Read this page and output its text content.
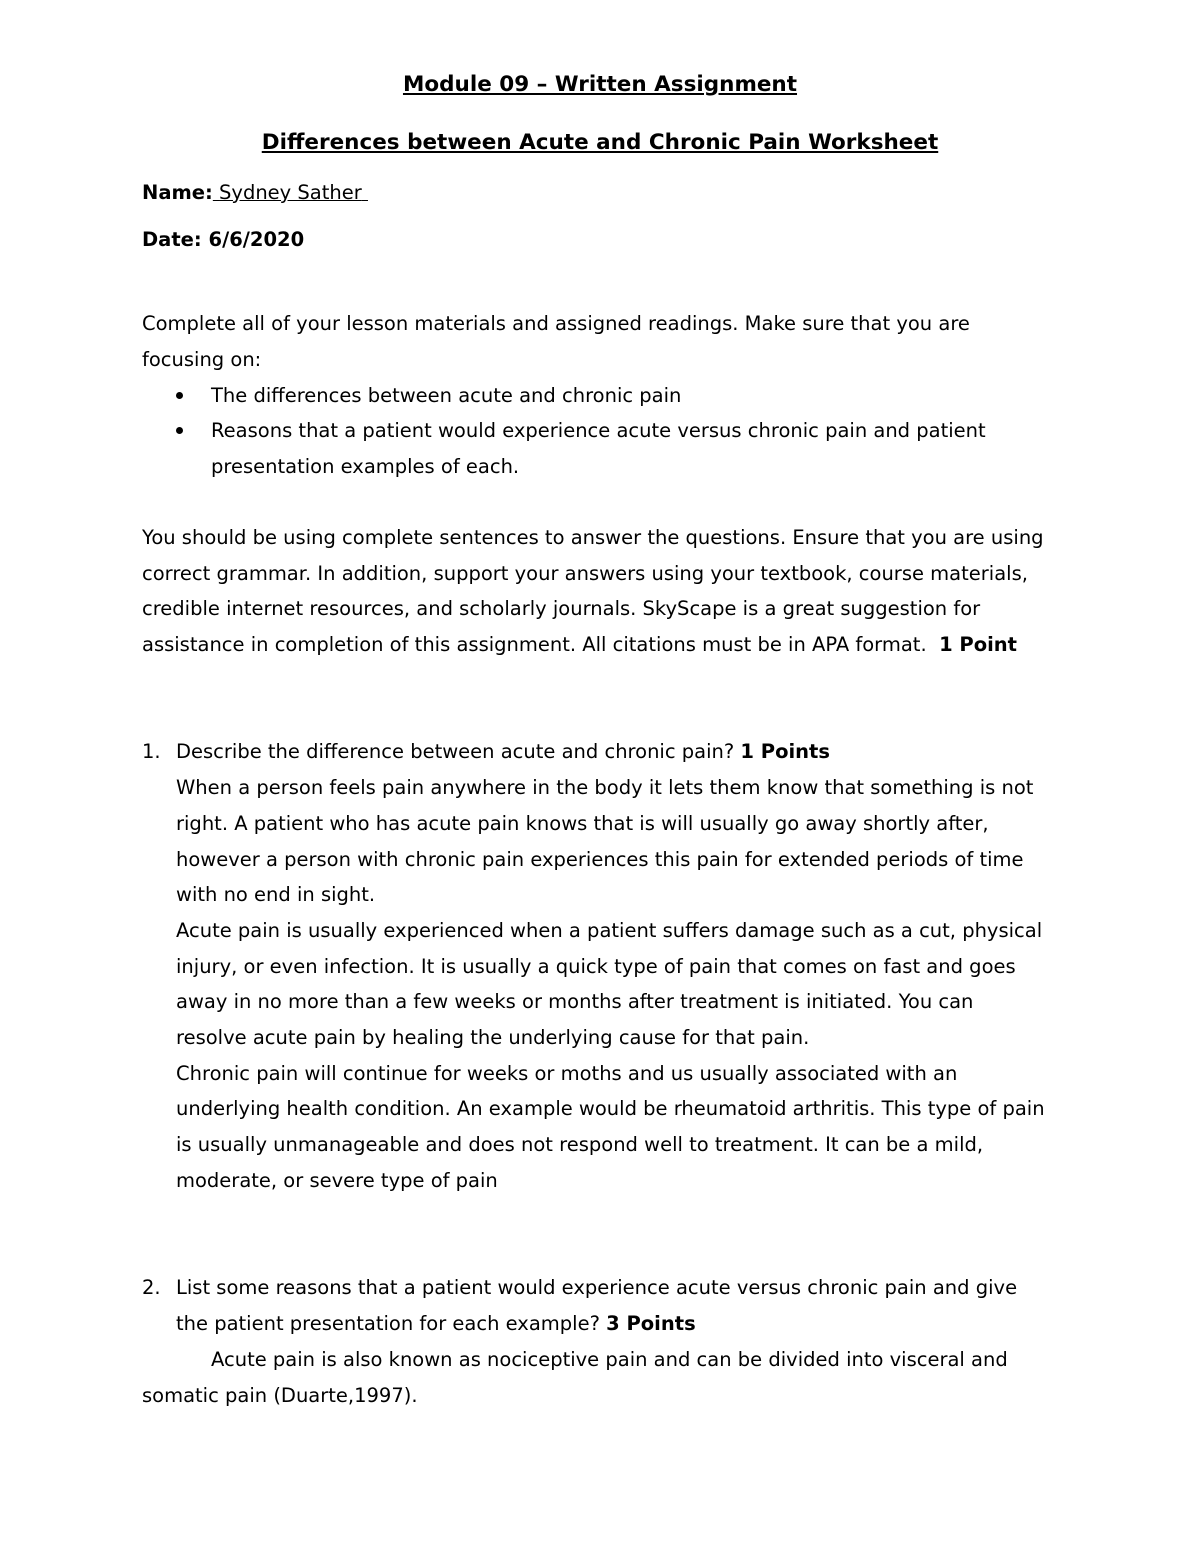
Module 09 – Written Assignment
Differences between Acute and Chronic Pain Worksheet
Name: Sydney Sather
Date: 6/6/2020
Complete all of your lesson materials and assigned readings. Make sure that you are
focusing on:
The differences between acute and chronic pain
Reasons that a patient would experience acute versus chronic pain and patient
presentation examples of each.
You should be using complete sentences to answer the questions. Ensure that you are using
correct grammar. In addition, support your answers using your textbook, course materials,
credible internet resources, and scholarly journals. SkyScape is a great suggestion for
assistance in completion of this assignment. All citations must be in APA format. 1 Point
1. Describe the difference between acute and chronic pain? 1 Points
When a person feels pain anywhere in the body it lets them know that something is not
right. A patient who has acute pain knows that is will usually go away shortly after,
however a person with chronic pain experiences this pain for extended periods of time
with no end in sight.
Acute pain is usually experienced when a patient suffers damage such as a cut, physical
injury, or even infection. It is usually a quick type of pain that comes on fast and goes
away in no more than a few weeks or months after treatment is initiated. You can
resolve acute pain by healing the underlying cause for that pain.
Chronic pain will continue for weeks or moths and us usually associated with an
underlying health condition. An example would be rheumatoid arthritis. This type of pain
is usually unmanageable and does not respond well to treatment. It can be a mild,
moderate, or severe type of pain
2. List some reasons that a patient would experience acute versus chronic pain and give
the patient presentation for each example? 3 Points
Acute pain is also known as nociceptive pain and can be divided into visceral and
somatic pain (Duarte,1997).
